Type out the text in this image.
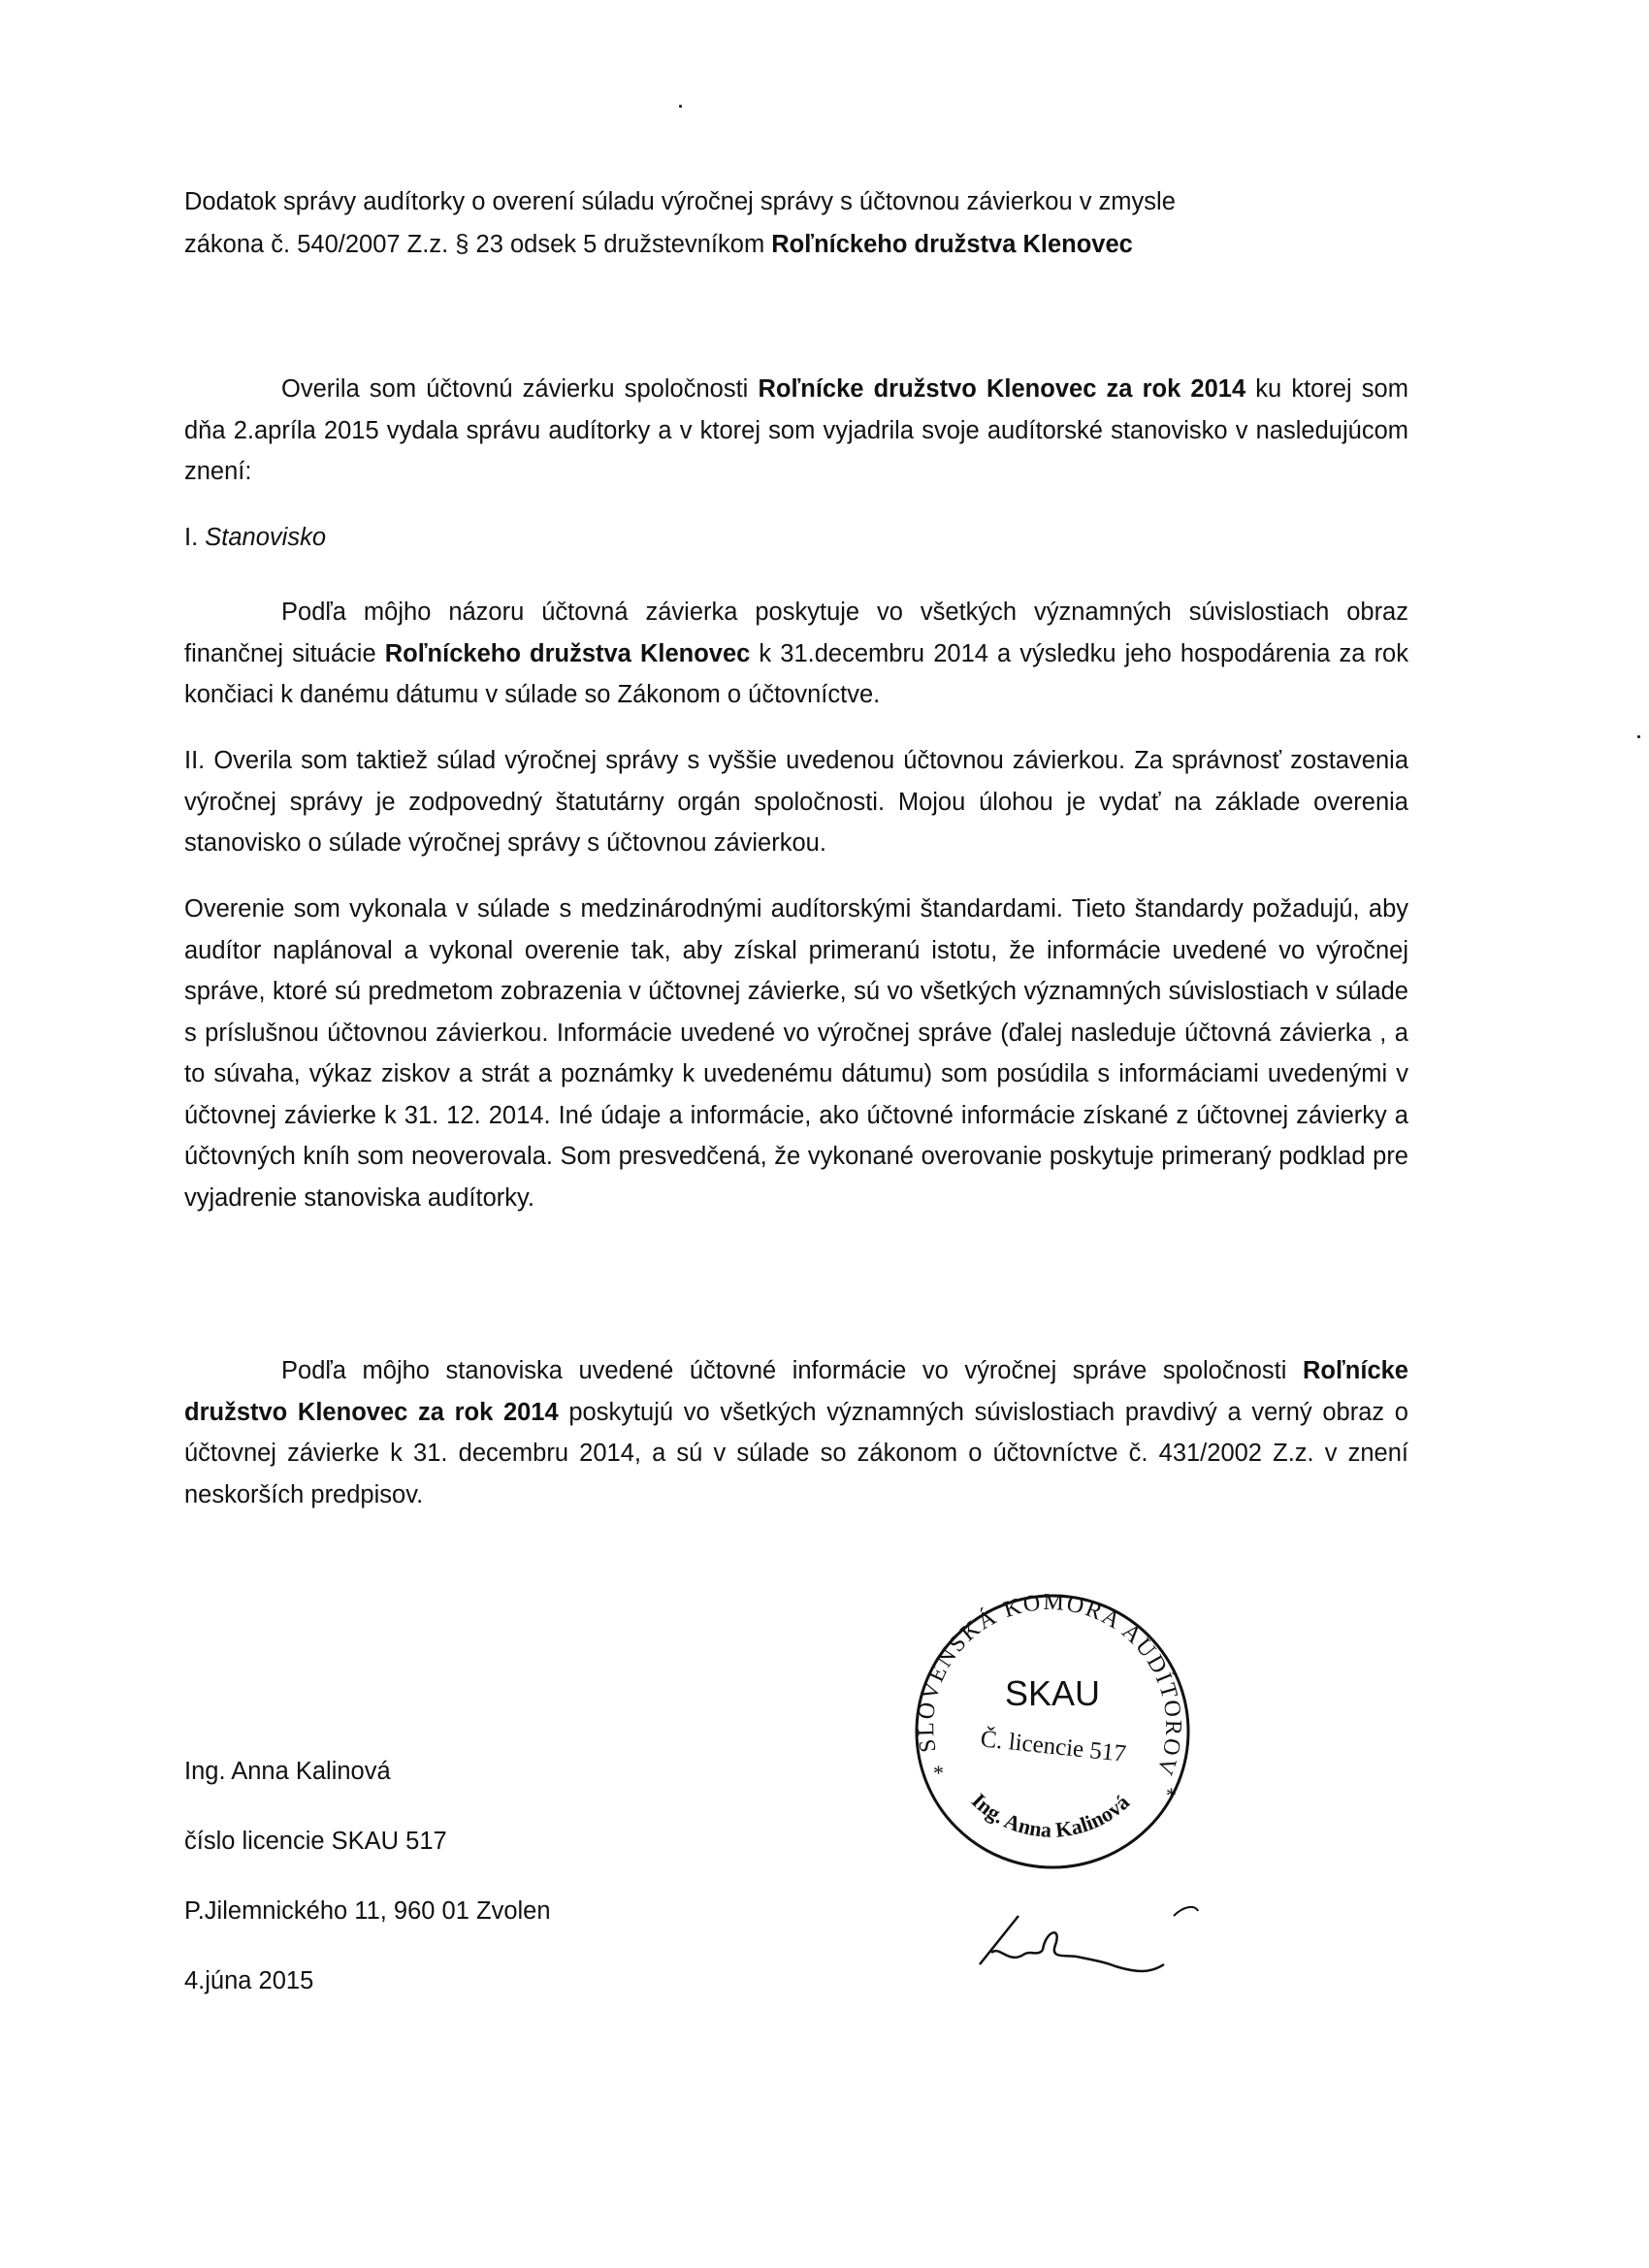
Dodatok správy audítorky o overení súladu výročnej správy s účtovnou závierkou v zmysle
zákona č. 540/2007 Z.z. § 23 odsek 5 družstevníkom Roľníckeho družstva Klenovec

Overila som účtovnú závierku spoločnosti Roľnícke družstvo Klenovec za rok 2014 ku ktorej som dňa 2.apríla 2015 vydala správu audítorky a v ktorej som vyjadrila svoje audítorské stanovisko v nasledujúcom znení:

I. Stanovisko

Podľa môjho názoru účtovná závierka poskytuje vo všetkých významných súvislostiach obraz finančnej situácie Roľníckeho družstva Klenovec k 31.decembru 2014 a výsledku jeho hospodárenia za rok končiaci k danému dátumu v súlade so Zákonom o účtovníctve.

II. Overila som taktiež súlad výročnej správy s vyššie uvedenou účtovnou závierkou. Za správnosť zostavenia výročnej správy je zodpovedný štatutárny orgán spoločnosti. Mojou úlohou je vydať na základe overenia stanovisko o súlade výročnej správy s účtovnou závierkou.

Overenie som vykonala v súlade s medzinárodnými audítorskými štandardami. Tieto štandardy požadujú, aby audítor naplánoval a vykonal overenie tak, aby získal primeranú istotu, že informácie uvedené vo výročnej správe, ktoré sú predmetom zobrazenia v účtovnej závierke, sú vo všetkých významných súvislostiach v súlade s príslušnou účtovnou závierkou. Informácie uvedené vo výročnej správe (ďalej nasleduje účtovná závierka , a to súvaha, výkaz ziskov a strát a poznámky k uvedenému dátumu) som posúdila s informáciami uvedenými v účtovnej závierke k 31. 12. 2014. Iné údaje a informácie, ako účtovné informácie získané z účtovnej závierky a účtovných kníh som neoverovala. Som presvedčená, že vykonané overovanie poskytuje primeraný podklad pre vyjadrenie stanoviska audítorky.

Podľa môjho stanoviska uvedené účtovné informácie vo výročnej správe spoločnosti Roľnícke družstvo Klenovec za rok 2014 poskytujú vo všetkých významných súvislostiach pravdivý a verný obraz o účtovnej závierke k 31. decembru 2014, a sú v súlade so zákonom o účtovníctve č. 431/2002 Z.z. v znení neskorších predpisov.

Ing. Anna Kalinová

číslo licencie SKAU 517

P.Jilemnického 11, 960 01 Zvolen

4.júna 2015

SLOVENSKÁ KOMORA AUDÍTOROV
Ing. Anna Kalinová
*
*
SKAU
Č. licencie 517
